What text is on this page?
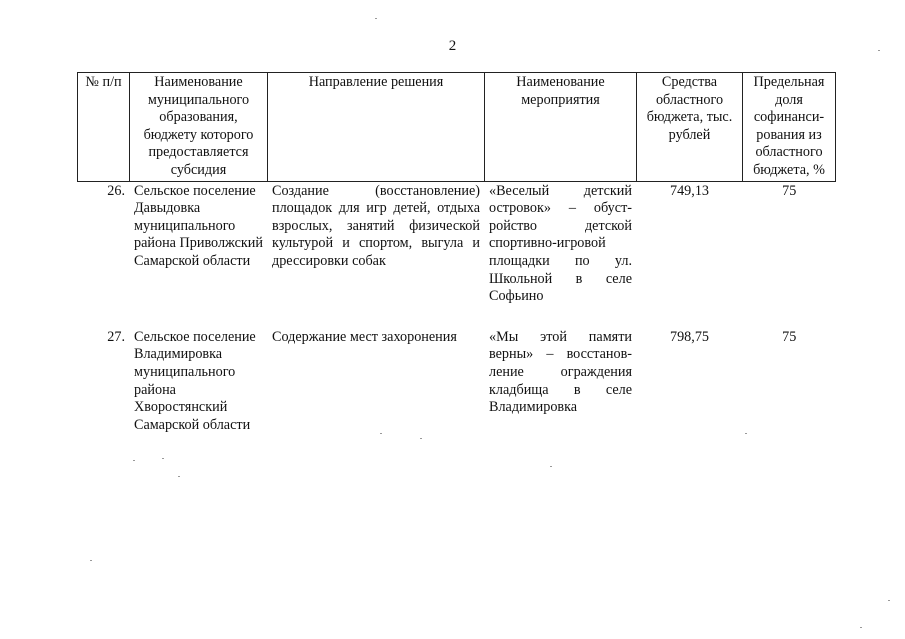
2
№ п/п	Наименование муниципального образования, бюджету которого предоставляется субсидия	Направление решения	Наименование мероприятия	Средства областного бюджета, тыс. рублей	Предельная доля софинанси-рования из областного бюджета, %
26.	Сельское поселение Давыдовка муниципального района Приволжский Самарской области	Создание (восстановление) площадок для игр детей, отдыха взрослых, занятий физической культурой и спортом, выгула и дрессировки собак	«Веселый детский островок» – обуст-ройство детской спортивно-игровой площадки по ул. Школьной в селе Софьино	749,13	75

27.	Сельское поселение Владимировка муниципального района Хворостянский Самарской области	Содержание мест захоронения	«Мы этой памяти верны» – восстанов-ление ограждения кладбища в селе Владимировка	798,75	75
